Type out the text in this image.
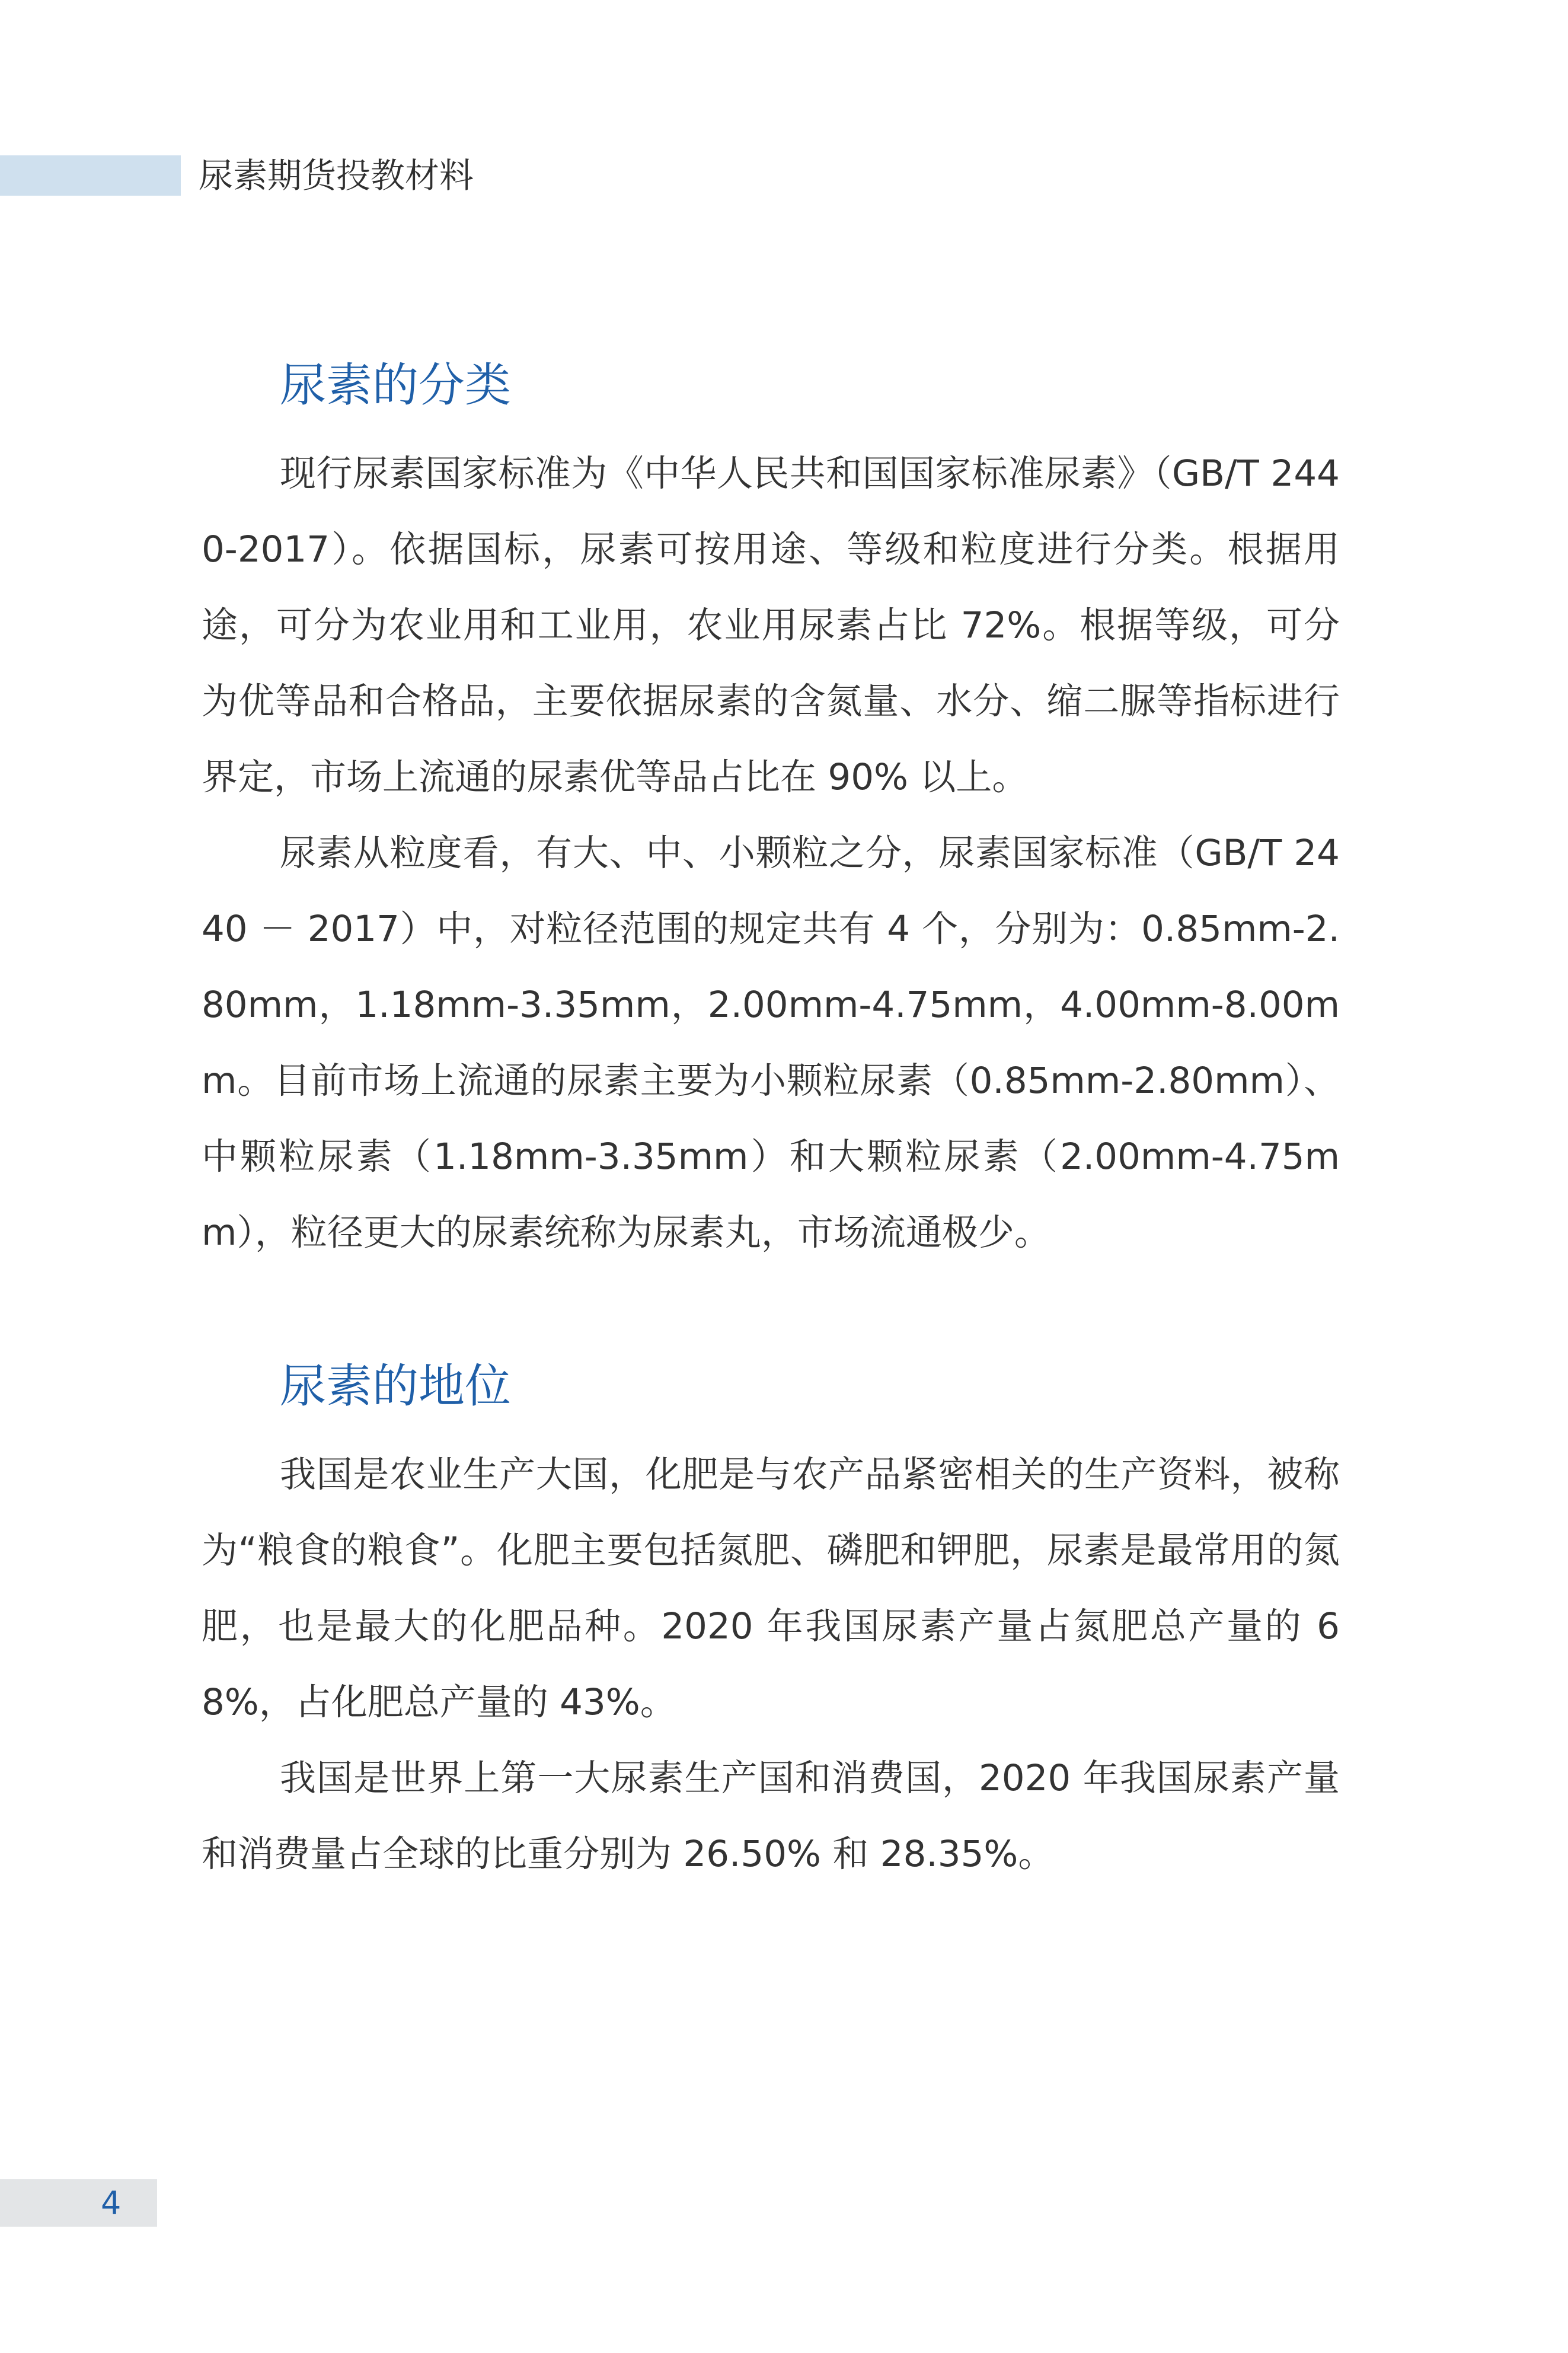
尿素期货投教材料
尿素的分类

现行尿素国家标准为《中华人民共和国国家标准尿素》（GB/T 2440-2017）。依据国标，尿素可按用途、等级和粒度进行分类。根据用途，可分为农业用和工业用，农业用尿素占比 72%。根据等级，可分为优等品和合格品，主要依据尿素的含氮量、水分、缩二脲等指标进行界定，市场上流通的尿素优等品占比在 90% 以上。

尿素从粒度看，有大、中、小颗粒之分，尿素国家标准（GB/T 2440 － 2017）中，对粒径范围的规定共有 4 个，分别为：0.85mm-2.80mm，1.18mm-3.35mm，2.00mm-4.75mm，4.00mm-8.00mm。目前市场上流通的尿素主要为小颗粒尿素（0.85mm-2.80mm）、中颗粒尿素（1.18mm-3.35mm）和大颗粒尿素（2.00mm-4.75mm），粒径更大的尿素统称为尿素丸，市场流通极少。

尿素的地位

我国是农业生产大国，化肥是与农产品紧密相关的生产资料，被称为“粮食的粮食”。化肥主要包括氮肥、磷肥和钾肥，尿素是最常用的氮肥，也是最大的化肥品种。2020 年我国尿素产量占氮肥总产量的 68%，占化肥总产量的 43%。

我国是世界上第一大尿素生产国和消费国，2020 年我国尿素产量和消费量占全球的比重分别为 26.50% 和 28.35%。

4
